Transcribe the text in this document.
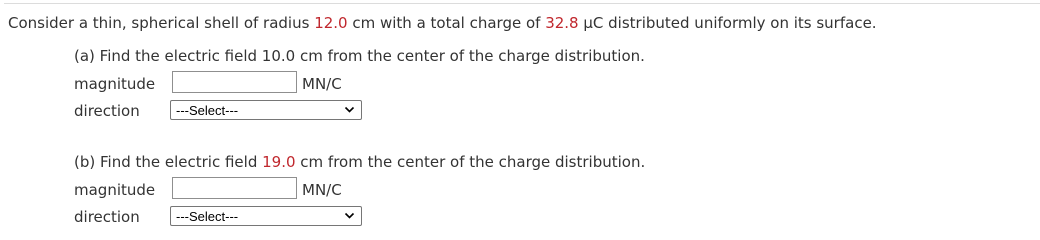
Consider a thin, spherical shell of radius 12.0 cm with a total charge of 32.8 μC distributed uniformly on its surface.
(a) Find the electric field 10.0 cm from the center of the charge distribution.
magnitude	MN/C
direction	---Select---
(b) Find the electric field 19.0 cm from the center of the charge distribution.
magnitude	MN/C
direction	---Select---
